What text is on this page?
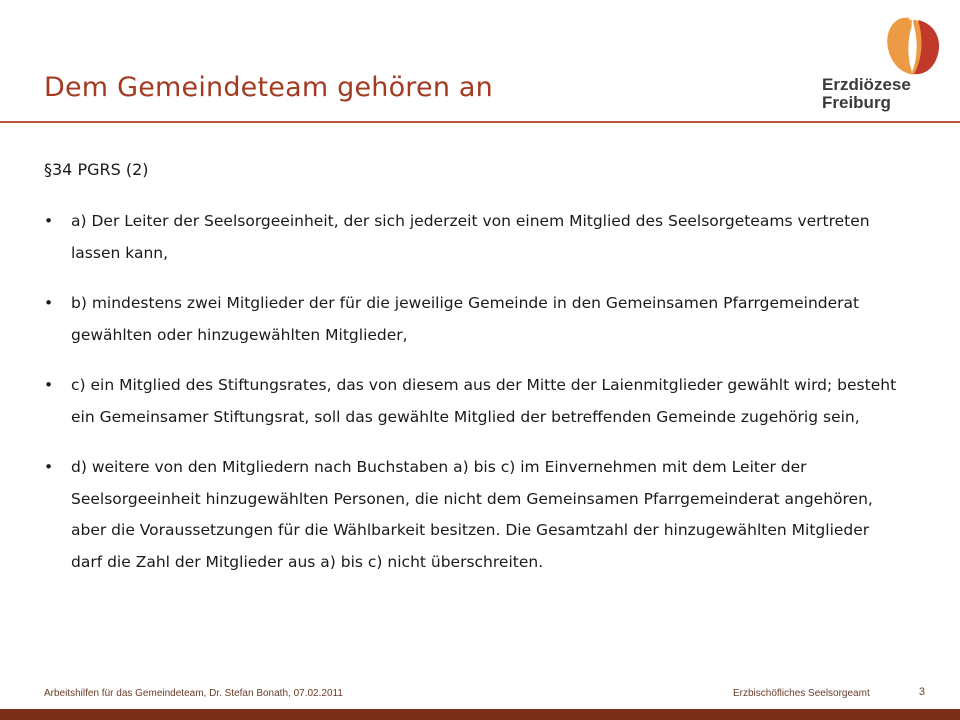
Dem Gemeindeteam gehören an	Erzdiözese
Freiburg
§34 PGRS (2)
• a) Der Leiter der Seelsorgeeinheit, der sich jederzeit von einem Mitglied des Seelsorgeteams vertreten lassen kann,
• b) mindestens zwei Mitglieder der für die jeweilige Gemeinde in den Gemeinsamen Pfarrgemeinderat gewählten oder hinzugewählten Mitglieder,
• c) ein Mitglied des Stiftungsrates, das von diesem aus der Mitte der Laienmitglieder gewählt wird; besteht ein Gemeinsamer Stiftungsrat, soll das gewählte Mitglied der betreffenden Gemeinde zugehörig sein,
• d) weitere von den Mitgliedern nach Buchstaben a) bis c) im Einvernehmen mit dem Leiter der Seelsorgeeinheit hinzugewählten Personen, die nicht dem Gemeinsamen Pfarrgemeinderat angehören, aber die Voraussetzungen für die Wählbarkeit besitzen. Die Gesamtzahl der hinzugewählten Mitglieder darf die Zahl der Mitglieder aus a) bis c) nicht überschreiten.
Arbeitshilfen für das Gemeindeteam, Dr. Stefan Bonath, 07.02.2011	Erzbischöfliches Seelsorgeamt	3
